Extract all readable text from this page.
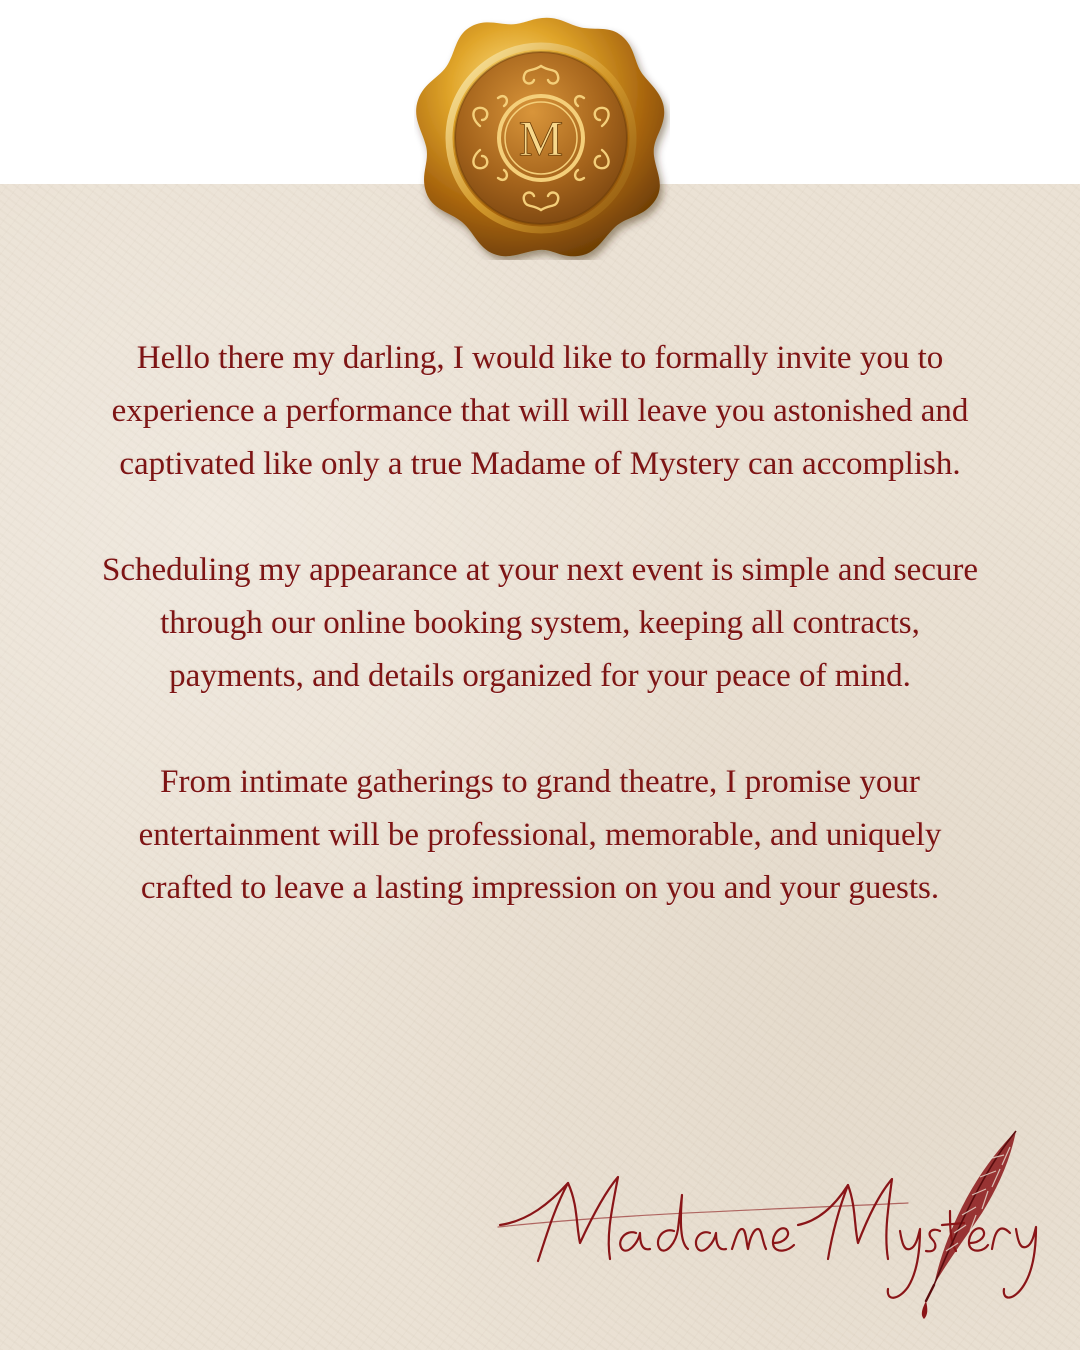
M

Hello there my darling, I would like to formally invite you to experience a performance that will will leave you astonished and captivated like only a true Madame of Mystery can accomplish.

Scheduling my appearance at your next event is simple and secure through our online booking system, keeping all contracts, payments, and details organized for your peace of mind.

From intimate gatherings to grand theatre, I promise your entertainment will be professional, memorable, and uniquely crafted to leave a lasting impression on you and your guests.
